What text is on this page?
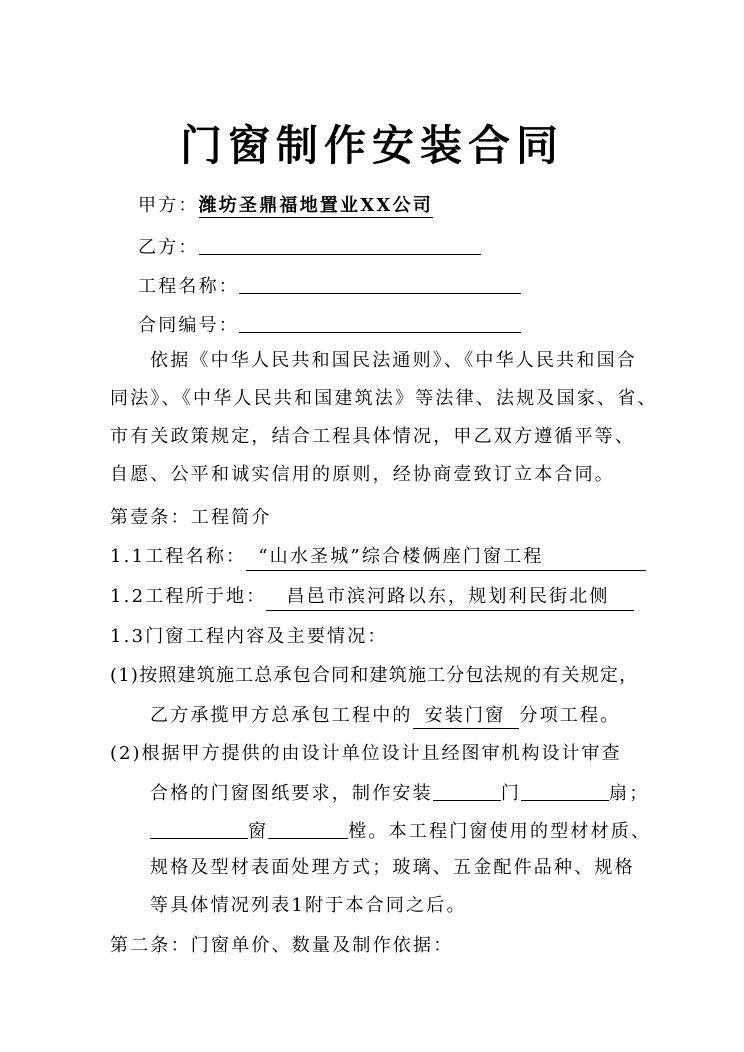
门窗制作安装合同
甲方：潍坊圣鼎福地置业XX公司
乙方：
工程名称：
合同编号：
依据《中华人民共和国民法通则》、《中华人民共和国合
同法》、《中华人民共和国建筑法》等法律、法规及国家、省、
市有关政策规定，结合工程具体情况，甲乙双方遵循平等、
自愿、公平和诚实信用的原则，经协商壹致订立本合同。
第壹条：工程简介
1.1工程名称： “山水圣城”综合楼俩座门窗工程
1.2工程所于地： 昌邑市滨河路以东，规划利民街北侧
1.3门窗工程内容及主要情况：
(1)按照建筑施工总承包合同和建筑施工分包法规的有关规定，
乙方承揽甲方总承包工程中的 安装门窗 分项工程。
(2)根据甲方提供的由设计单位设计且经图审机构设计审查
合格的门窗图纸要求，制作安装	门	扇；
窗	樘。本工程门窗使用的型材材质、
规格及型材表面处理方式；玻璃、五金配件品种、规格
等具体情况列表1附于本合同之后。
第二条：门窗单价、数量及制作依据：
